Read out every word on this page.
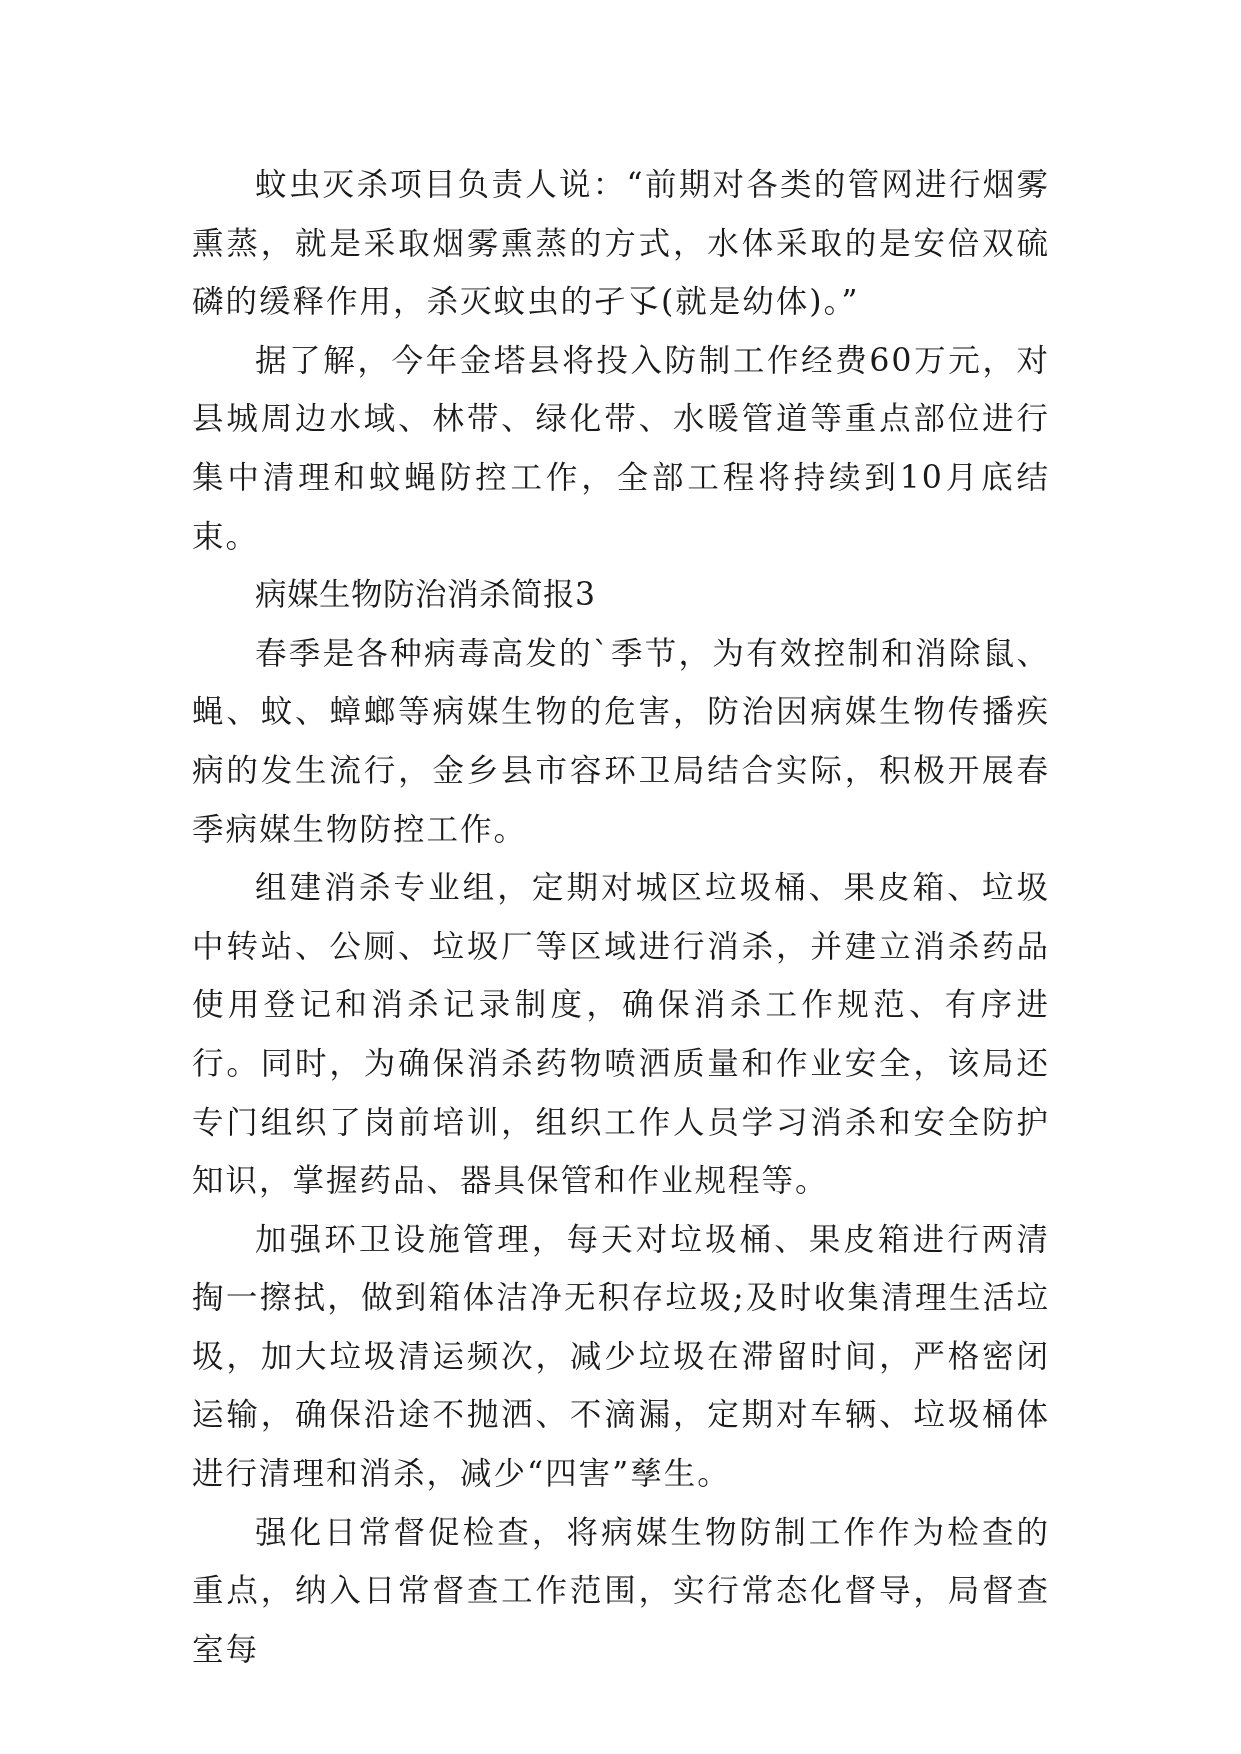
蚊虫灭杀项目负责人说：“前期对各类的管网进行烟雾熏蒸，就是采取烟雾熏蒸的方式，水体采取的是安倍双硫磷的缓释作用，杀灭蚊虫的孑孓(就是幼体)。”

据了解，今年金塔县将投入防制工作经费60万元，对县城周边水域、林带、绿化带、水暖管道等重点部位进行集中清理和蚊蝇防控工作，全部工程将持续到10月底结束。

病媒生物防治消杀简报3

春季是各种病毒高发的`季节，为有效控制和消除鼠、蝇、蚊、蟑螂等病媒生物的危害，防治因病媒生物传播疾病的发生流行，金乡县市容环卫局结合实际，积极开展春季病媒生物防控工作。

组建消杀专业组，定期对城区垃圾桶、果皮箱、垃圾中转站、公厕、垃圾厂等区域进行消杀，并建立消杀药品使用登记和消杀记录制度，确保消杀工作规范、有序进行。同时，为确保消杀药物喷洒质量和作业安全，该局还专门组织了岗前培训，组织工作人员学习消杀和安全防护知识，掌握药品、器具保管和作业规程等。

加强环卫设施管理，每天对垃圾桶、果皮箱进行两清掏一擦拭，做到箱体洁净无积存垃圾;及时收集清理生活垃圾，加大垃圾清运频次，减少垃圾在滞留时间，严格密闭运输，确保沿途不抛洒、不滴漏，定期对车辆、垃圾桶体进行清理和消杀，减少“四害”孳生。

强化日常督促检查，将病媒生物防制工作作为检查的重点，纳入日常督查工作范围，实行常态化督导，局督查室每
